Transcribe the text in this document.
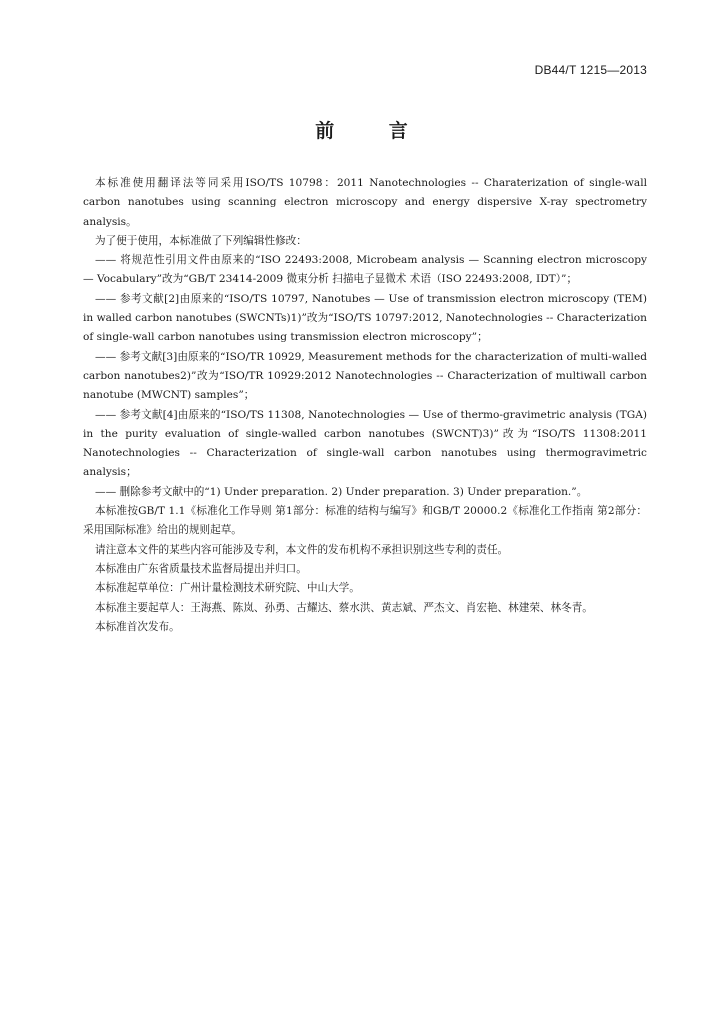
DB44/T 1215—2013
前 言

本标准使用翻译法等同采用ISO/TS 10798：2011 Nanotechnologies -- Charaterization of single-wall carbon nanotubes using scanning electron microscopy and energy dispersive X-ray spectrometry analysis。

为了便于使用，本标准做了下列编辑性修改：

—— 将规范性引用文件由原来的“ISO 22493:2008, Microbeam analysis — Scanning electron microscopy — Vocabulary”改为“GB/T 23414-2009 微束分析 扫描电子显微术 术语（ISO 22493:2008, IDT）”；

—— 参考文献[2]由原来的“ISO/TS 10797, Nanotubes — Use of transmission electron microscopy (TEM) in walled carbon nanotubes (SWCNTs)1)”改为“ISO/TS 10797:2012, Nanotechnologies -- Characterization of single-wall carbon nanotubes using transmission electron microscopy”；

—— 参考文献[3]由原来的“ISO/TR 10929, Measurement methods for the characterization of multi-walled carbon nanotubes2)”改为“ISO/TR 10929:2012 Nanotechnologies -- Characterization of multiwall carbon nanotube (MWCNT) samples”；

—— 参考文献[4]由原来的“ISO/TS 11308, Nanotechnologies — Use of thermo-gravimetric analysis (TGA) in the purity evaluation of single-walled carbon nanotubes (SWCNT)3)”改为“ISO/TS 11308:2011 Nanotechnologies -- Characterization of single-wall carbon nanotubes using thermogravimetric analysis；

—— 删除参考文献中的“1) Under preparation. 2) Under preparation. 3) Under preparation.”。

本标准按GB/T 1.1《标准化工作导则 第1部分：标准的结构与编写》和GB/T 20000.2《标准化工作指南 第2部分：采用国际标准》给出的规则起草。

请注意本文件的某些内容可能涉及专利，本文件的发布机构不承担识别这些专利的责任。

本标准由广东省质量技术监督局提出并归口。

本标准起草单位：广州计量检测技术研究院、中山大学。

本标准主要起草人：王海燕、陈岚、孙勇、古耀达、蔡水洪、黄志斌、严杰文、肖宏艳、林建荣、林冬青。

本标准首次发布。
